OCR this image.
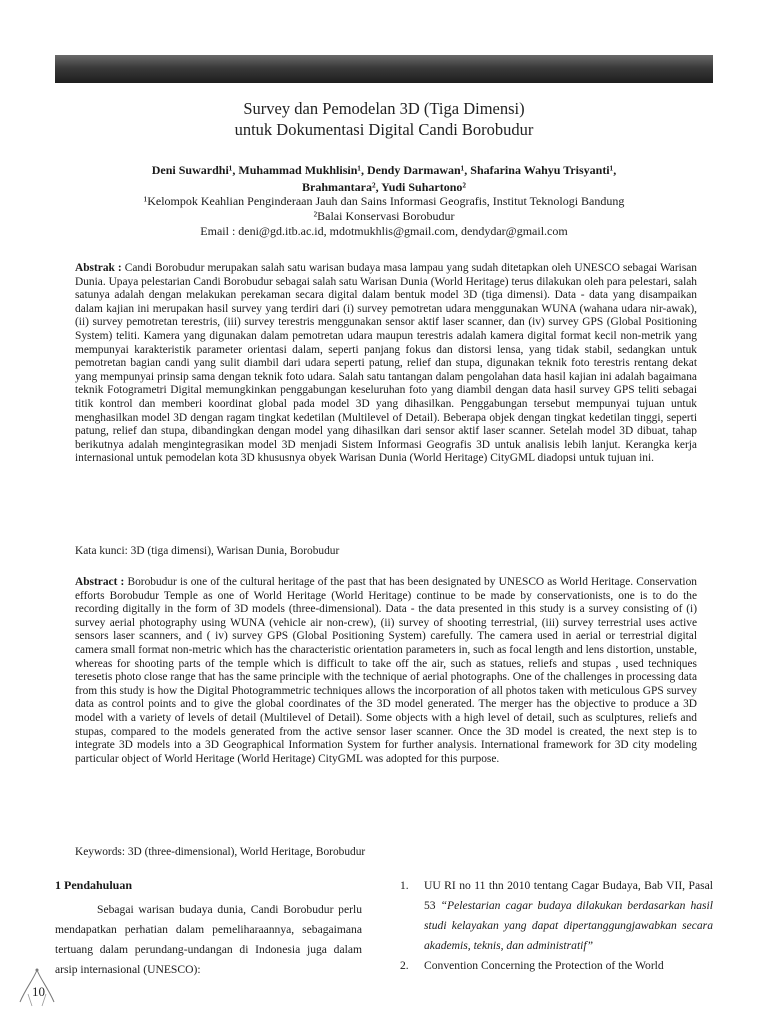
Survey dan Pemodelan 3D (Tiga Dimensi)
untuk Dokumentasi Digital Candi Borobudur
Deni Suwardhi¹, Muhammad Mukhlisin¹, Dendy Darmawan¹, Shafarina Wahyu Trisyanti¹,
Brahmantara², Yudi Suhartono²
¹Kelompok Keahlian Penginderaan Jauh dan Sains Informasi Geografis, Institut Teknologi Bandung
²Balai Konservasi Borobudur
Email : deni@gd.itb.ac.id, mdotmukhlis@gmail.com, dendydar@gmail.com

Abstrak : Candi Borobudur merupakan salah satu warisan budaya masa lampau yang sudah ditetapkan oleh UNESCO sebagai Warisan Dunia. Upaya pelestarian Candi Borobudur sebagai salah satu Warisan Dunia (World Heritage) terus dilakukan oleh para pelestari, salah satunya adalah dengan melakukan perekaman secara digital dalam bentuk model 3D (tiga dimensi). Data - data yang disampaikan dalam kajian ini merupakan hasil survey yang terdiri dari (i) survey pemotretan udara menggunakan WUNA (wahana udara nir-awak), (ii) survey pemotretan terestris, (iii) survey terestris menggunakan sensor aktif laser scanner, dan (iv) survey GPS (Global Positioning System) teliti. Kamera yang digunakan dalam pemotretan udara maupun terestris adalah kamera digital format kecil non-metrik yang mempunyai karakteristik parameter orientasi dalam, seperti panjang fokus dan distorsi lensa, yang tidak stabil, sedangkan untuk pemotretan bagian candi yang sulit diambil dari udara seperti patung, relief dan stupa, digunakan teknik foto terestris rentang dekat yang mempunyai prinsip sama dengan teknik foto udara. Salah satu tantangan dalam pengolahan data hasil kajian ini adalah bagaimana teknik Fotogrametri Digital memungkinkan penggabungan keseluruhan foto yang diambil dengan data hasil survey GPS teliti sebagai titik kontrol dan memberi koordinat global pada model 3D yang dihasilkan. Penggabungan tersebut mempunyai tujuan untuk menghasilkan model 3D dengan ragam tingkat kedetilan (Multilevel of Detail). Beberapa objek dengan tingkat kedetilan tinggi, seperti patung, relief dan stupa, dibandingkan dengan model yang dihasilkan dari sensor aktif laser scanner. Setelah model 3D dibuat, tahap berikutnya adalah mengintegrasikan model 3D menjadi Sistem Informasi Geografis 3D untuk analisis lebih lanjut. Kerangka kerja internasional untuk pemodelan kota 3D khususnya obyek Warisan Dunia (World Heritage) CityGML diadopsi untuk tujuan ini.

Kata kunci: 3D (tiga dimensi), Warisan Dunia, Borobudur

Abstract : Borobudur is one of the cultural heritage of the past that has been designated by UNESCO as World Heritage. Conservation efforts Borobudur Temple as one of World Heritage (World Heritage) continue to be made by conservationists, one is to do the recording digitally in the form of 3D models (three-dimensional). Data - the data presented in this study is a survey consisting of (i) survey aerial photography using WUNA (vehicle air non-crew), (ii) survey of shooting terrestrial, (iii) survey terrestrial uses active sensors laser scanners, and ( iv) survey GPS (Global Positioning System) carefully. The camera used in aerial or terrestrial digital camera small format non-metric which has the characteristic orientation parameters in, such as focal length and lens distortion, unstable, whereas for shooting parts of the temple which is difficult to take off the air, such as statues, reliefs and stupas , used techniques teresetis photo close range that has the same principle with the technique of aerial photographs. One of the challenges in processing data from this study is how the Digital Photogrammetric techniques allows the incorporation of all photos taken with meticulous GPS survey data as control points and to give the global coordinates of the 3D model generated. The merger has the objective to produce a 3D model with a variety of levels of detail (Multilevel of Detail). Some objects with a high level of detail, such as sculptures, reliefs and stupas, compared to the models generated from the active sensor laser scanner. Once the 3D model is created, the next step is to integrate 3D models into a 3D Geographical Information System for further analysis. International framework for 3D city modeling particular object of World Heritage (World Heritage) CityGML was adopted for this purpose.

Keywords: 3D (three-dimensional), World Heritage, Borobudur
1 Pendahuluan

Sebagai warisan budaya dunia, Candi Borobudur perlu mendapatkan perhatian dalam pemeliharaannya, sebagaimana tertuang dalam perundang-undangan di Indonesia juga dalam arsip internasional (UNESCO):

1. UU RI no 11 thn 2010 tentang Cagar Budaya, Bab VII, Pasal 53 “Pelestarian cagar budaya dilakukan berdasarkan hasil studi kelayakan yang dapat dipertanggungjawabkan secara akademis, teknis, dan administratif”
2. Convention Concerning the Protection of the World
10
